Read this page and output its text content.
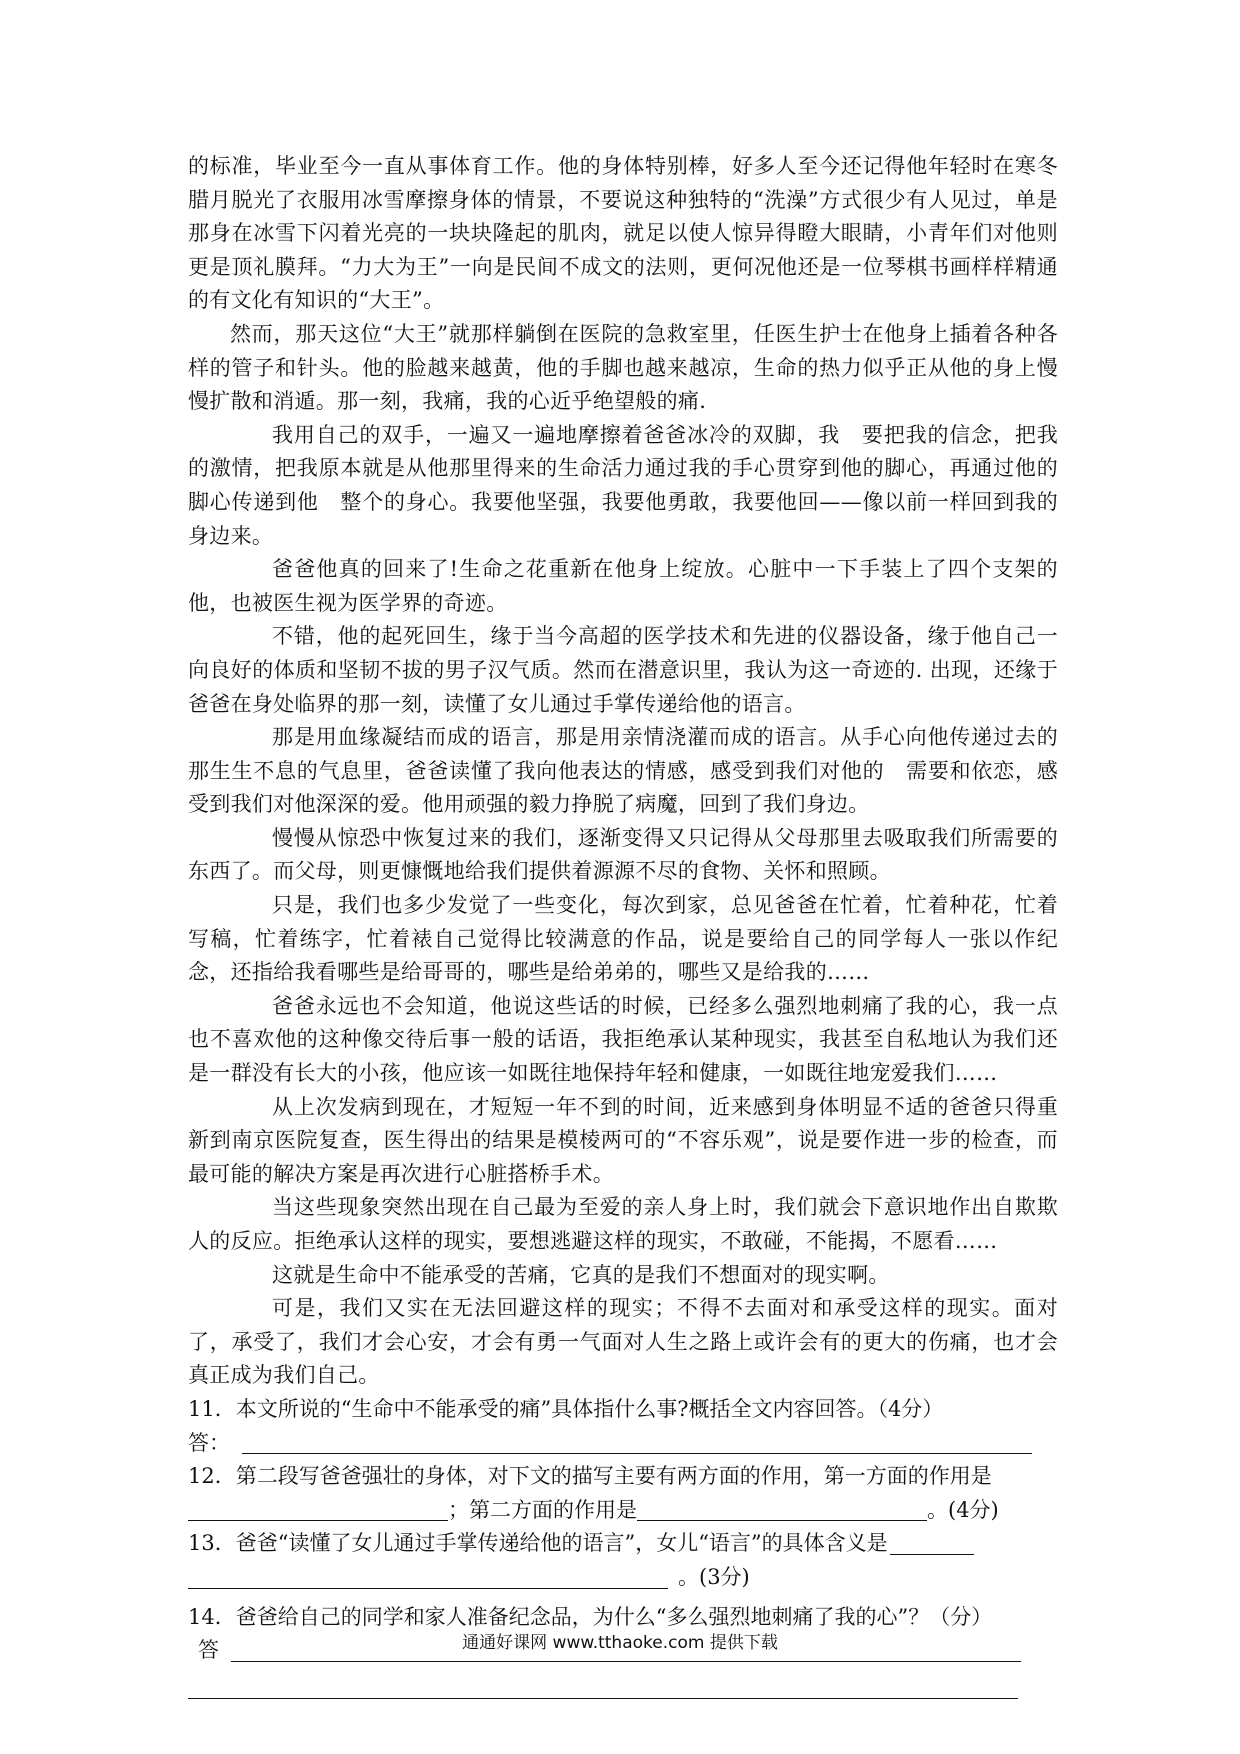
的标准，毕业至今一直从事体育工作。他的身体特别棒，好多人至今还记得他年轻时在寒冬腊月脱光了衣服用冰雪摩擦身体的情景，不要说这种独特的“洗澡”方式很少有人见过，单是那身在冰雪下闪着光亮的一块块隆起的肌肉，就足以使人惊异得瞪大眼睛，小青年们对他则更是顶礼膜拜。“力大为王”一向是民间不成文的法则，更何况他还是一位琴棋书画样样精通的有文化有知识的“大王”。

然而，那天这位“大王”就那样躺倒在医院的急救室里，任医生护士在他身上插着各种各样的管子和针头。他的脸越来越黄，他的手脚也越来越凉，生命的热力似乎正从他的身上慢慢扩散和消遁。那一刻，我痛，我的心近乎绝望般的痛.

我用自己的双手，一遍又一遍地摩擦着爸爸冰冷的双脚，我　要把我的信念，把我的激情，把我原本就是从他那里得来的生命活力通过我的手心贯穿到他的脚心，再通过他的脚心传递到他　整个的身心。我要他坚强，我要他勇敢，我要他回——像以前一样回到我的身边来。

爸爸他真的回来了!生命之花重新在他身上绽放。心脏中一下手装上了四个支架的他，也被医生视为医学界的奇迹。

不错，他的起死回生，缘于当今高超的医学技术和先进的仪器设备，缘于他自己一向良好的体质和坚韧不拔的男子汉气质。然而在潜意识里，我认为这一奇迹的. 出现，还缘于爸爸在身处临界的那一刻，读懂了女儿通过手掌传递给他的语言。

那是用血缘凝结而成的语言，那是用亲情浇灌而成的语言。从手心向他传递过去的那生生不息的气息里，爸爸读懂了我向他表达的情感，感受到我们对他的　需要和依恋，感受到我们对他深深的爱。他用顽强的毅力挣脱了病魔，回到了我们身边。

慢慢从惊恐中恢复过来的我们，逐渐变得又只记得从父母那里去吸取我们所需要的东西了。而父母，则更慷慨地给我们提供着源源不尽的食物、关怀和照顾。

只是，我们也多少发觉了一些变化，每次到家，总见爸爸在忙着，忙着种花，忙着写稿，忙着练字，忙着裱自己觉得比较满意的作品，说是要给自己的同学每人一张以作纪念，还指给我看哪些是给哥哥的，哪些是给弟弟的，哪些又是给我的……

爸爸永远也不会知道，他说这些话的时候，已经多么强烈地刺痛了我的心，我一点也不喜欢他的这种像交待后事一般的话语，我拒绝承认某种现实，我甚至自私地认为我们还是一群没有长大的小孩，他应该一如既往地保持年轻和健康，一如既往地宠爱我们……

从上次发病到现在，才短短一年不到的时间，近来感到身体明显不适的爸爸只得重新到南京医院复查，医生得出的结果是模棱两可的“不容乐观”，说是要作进一步的检查，而最可能的解决方案是再次进行心脏搭桥手术。

当这些现象突然出现在自己最为至爱的亲人身上时，我们就会下意识地作出自欺欺人的反应。拒绝承认这样的现实，要想逃避这样的现实，不敢碰，不能揭，不愿看……

这就是生命中不能承受的苦痛，它真的是我们不想面对的现实啊。

可是，我们又实在无法回避这样的现实；不得不去面对和承受这样的现实。面对了，承受了，我们才会心安，才会有勇一气面对人生之路上或许会有的更大的伤痛，也才会真正成为我们自己。

11．本文所说的“生命中不能承受的痛”具体指什么事?概括全文内容回答。（4分）

答：

12．第二段写爸爸强壮的身体，对下文的描写主要有两方面的作用，第一方面的作用是

；第二方面的作用是	。(4分)
13．爸爸“读懂了女儿通过手掌传递给他的语言”，女儿“语言”的具体含义是
。(3分)

14．爸爸给自己的同学和家人准备纪念品，为什么“多么强烈地刺痛了我的心”？（分）

答	通通好课网 www.tthaoke.com 提供下载
